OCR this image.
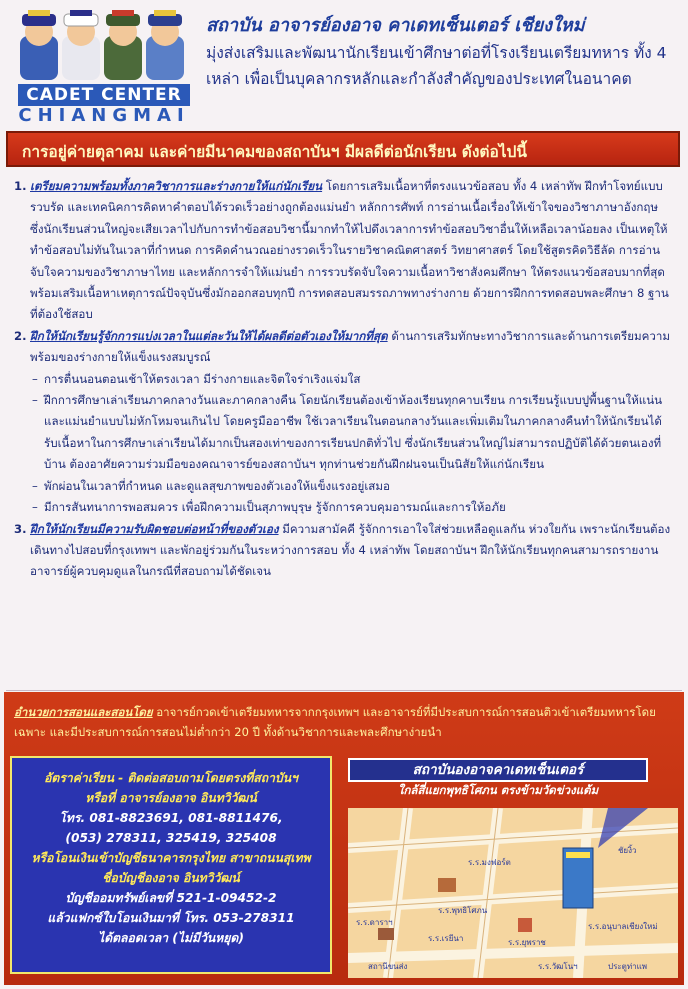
CADET CENTER
CHIANGMAI
สถาบัน อาจารย์องอาจ คาเดทเซ็นเตอร์ เชียงใหม่
มุ่งส่งเสริมและพัฒนานักเรียนเข้าศึกษาต่อที่โรงเรียนเตรียมทหาร ทั้ง 4 เหล่า เพื่อเป็นบุคลากรหลักและกำลังสำคัญของประเทศในอนาคต
การอยู่ค่ายตุลาคม และค่ายมีนาคมของสถาบันฯ มีผลดีต่อนักเรียน ดังต่อไปนี้
1. เตรียมความพร้อมทั้งภาควิชาการและร่างกายให้แก่นักเรียน โดยการเสริมเนื้อหาที่ตรงแนวข้อสอบ ทั้ง 4 เหล่าทัพ ฝึกทำโจทย์แบบรวบรัด และเทคนิคการคิดหาคำตอบได้รวดเร็วอย่างถูกต้องแม่นยำ หลักการศัพท์ การอ่านเนื้อเรื่องให้เข้าใจของวิชาภาษาอังกฤษ ซึ่งนักเรียนส่วนใหญ่จะเสียเวลาไปกับการทำข้อสอบวิชานี้มากทำให้ไปดึงเวลาการทำข้อสอบวิชาอื่นให้เหลือเวลาน้อยลง เป็นเหตุให้ทำข้อสอบไม่ทันในเวลาที่กำหนด การคิดคำนวณอย่างรวดเร็วในรายวิชาคณิตศาสตร์ วิทยาศาสตร์ โดยใช้สูตรคิดวิธีลัด การอ่านจับใจความของวิชาภาษาไทย และหลักการจำให้แม่นยำ การรวบรัดจับใจความเนื้อหาวิชาสังคมศึกษา ให้ตรงแนวข้อสอบมากที่สุด พร้อมเสริมเนื้อหาเหตุการณ์ปัจจุบันซึ่งมักออกสอบทุกปี การทดสอบสมรรถภาพทางร่างกาย ด้วยการฝึกการทดสอบพละศึกษา 8 ฐาน ที่ต้องใช้สอบ
2. ฝึกให้นักเรียนรู้จักการแบ่งเวลาในแต่ละวันให้ได้ผลดีต่อตัวเองให้มากที่สุด ด้านการเสริมทักษะทางวิชาการและด้านการเตรียมความพร้อมของร่างกายให้แข็งแรงสมบูรณ์
– การตื่นนอนตอนเช้าให้ตรงเวลา มีร่างกายและจิตใจร่าเริงแจ่มใส
– ฝึกการศึกษาเล่าเรียนภาคกลางวันและภาคกลางคืน โดยนักเรียนต้องเข้าห้องเรียนทุกคาบเรียน การเรียนรู้แบบปูพื้นฐานให้แน่นและแม่นยำแบบไม่หักโหมจนเกินไป โดยครูมืออาชีพ ใช้เวลาเรียนในตอนกลางวันและเพิ่มเติมในภาคกลางคืนทำให้นักเรียนได้รับเนื้อหาในการศึกษาเล่าเรียนได้มากเป็นสองเท่าของการเรียนปกติทั่วไป ซึ่งนักเรียนส่วนใหญ่ไม่สามารถปฏิบัติได้ด้วยตนเองที่บ้าน ต้องอาศัยความร่วมมือของคณาจารย์ของสถาบันฯ ทุกท่านช่วยกันฝึกฝนจนเป็นนิสัยให้แก่นักเรียน
– พักผ่อนในเวลาที่กำหนด และดูแลสุขภาพของตัวเองให้แข็งแรงอยู่เสมอ
– มีการสันทนาการพอสมควร เพื่อฝึกความเป็นสุภาพบุรุษ รู้จักการควบคุมอารมณ์และการให้อภัย
3. ฝึกให้นักเรียนมีความรับผิดชอบต่อหน้าที่ของตัวเอง มีความสามัคคี รู้จักการเอาใจใส่ช่วยเหลือดูแลกัน ห่วงใยกัน เพราะนักเรียนต้องเดินทางไปสอบที่กรุงเทพฯ และพักอยู่ร่วมกันในระหว่างการสอบ ทั้ง 4 เหล่าทัพ โดยสถาบันฯ ฝึกให้นักเรียนทุกคนสามารถรายงานอาจารย์ผู้ควบคุมดูแลในกรณีที่สอบถามได้ชัดเจน
อำนวยการสอนและสอนโดย อาจารย์กวดเข้าเตรียมทหารจากกรุงเทพฯ และอาจารย์ที่มีประสบการณ์การสอนติวเข้าเตรียมทหารโดยเฉพาะ และมีประสบการณ์การสอนไม่ต่ำกว่า 20 ปี ทั้งด้านวิชาการและพละศึกษาง่ายนำ
อัตราค่าเรียน - ติดต่อสอบถามโดยตรงที่สถาบันฯ
หรือที่ อาจารย์องอาจ อินทวิวัฒน์
โทร. 081-8823691, 081-8811476,
(053) 278311, 325419, 325408
หรือโอนเงินเข้าบัญชีธนาคารกรุงไทย สาขาถนนสุเทพ
ชื่อบัญชีองอาจ อินทวิวัฒน์
บัญชีออมทรัพย์เลขที่ 521-1-09452-2
แล้วแฟกซ์ใบโอนเงินมาที่ โทร. 053-278311
ได้ตลอดเวลา (ไม่มีวันหยุด)
สถาบันองอาจคาเดทเซ็นเตอร์
ใกล้สี่แยกพุทธิโศภน ตรงข้ามวัดข่วงแต้ม
ร.ร.ดาราฯ
ร.ร.เรยีนา	ร.ร.ยุพราช
ประตูท่าแพ
ร.ร.มงฟอร์ต
ร.ร.วัฒโนฯ
สถานีขนส่ง
ร.ร.พุทธิโศภน
ชัยงิ้ว
ร.ร.อนุบาลเชียงใหม่
